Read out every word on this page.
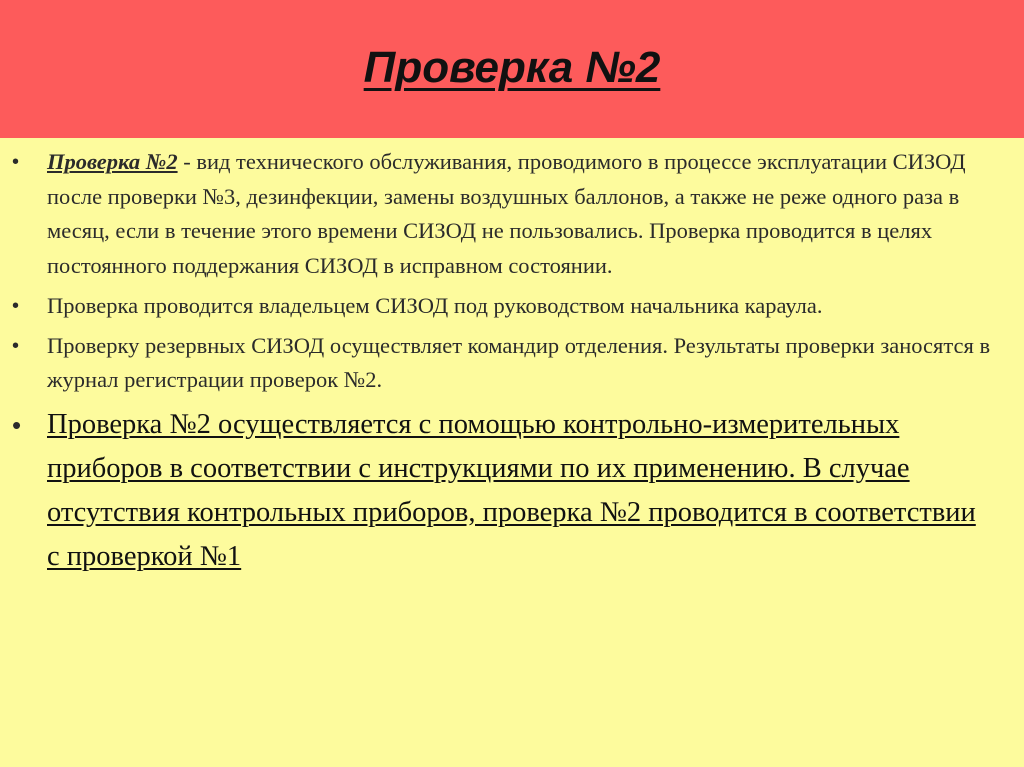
Проверка №2

• Проверка №2 - вид технического обслуживания, проводимого в процессе эксплуатации СИЗОД после проверки №3, дезинфекции, замены воздушных баллонов, а также не реже одного раза в месяц, если в течение этого времени СИЗОД не пользовались. Проверка проводится в целях постоянного поддержания СИЗОД в исправном состоянии.

• Проверка проводится владельцем СИЗОД под руководством начальника караула.

• Проверку резервных СИЗОД осуществляет командир отделения. Результаты проверки заносятся в журнал регистрации проверок №2.

• Проверка №2 осуществляется с помощью контрольно-измерительных приборов в соответствии с инструкциями по их применению. В случае отсутствия контрольных приборов, проверка №2 проводится в соответствии с проверкой №1
